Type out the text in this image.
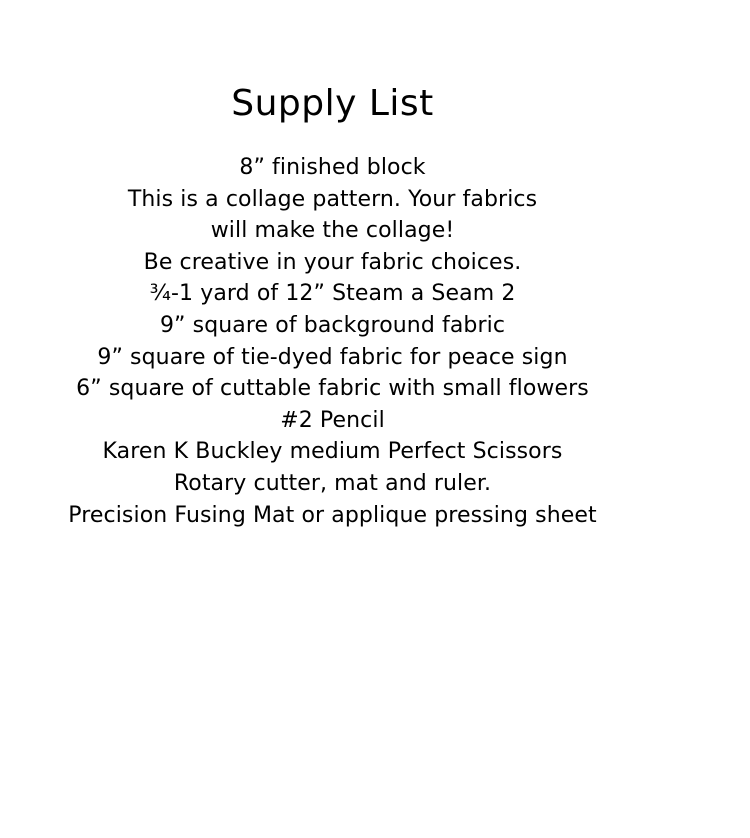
Supply List
8” finished block
This is a collage pattern. Your fabrics
will make the collage!
Be creative in your fabric choices.
¾-1 yard of 12” Steam a Seam 2
9” square of background fabric
9” square of tie-dyed fabric for peace sign
6” square of cuttable fabric with small flowers
#2 Pencil
Karen K Buckley medium Perfect Scissors
Rotary cutter, mat and ruler.
Precision Fusing Mat or applique pressing sheet
